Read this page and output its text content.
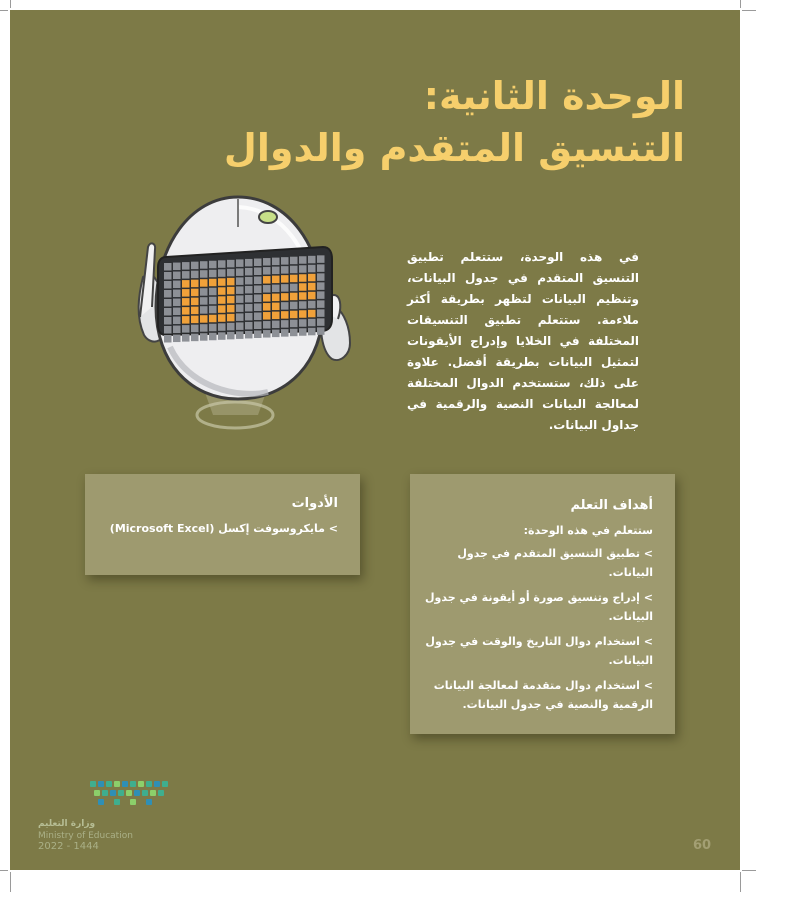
الوحدة الثانية:
التنسيق المتقدم والدوال

في هذه الوحدة، ستتعلم تطبيق التنسيق المتقدم في جدول البيانات، وتنظيم البيانات لتظهر بطريقة أكثر ملاءمة. ستتعلم تطبيق التنسيقات المختلفة في الخلايا وإدراج الأيقونات لتمثيل البيانات بطريقة أفضل. علاوة على ذلك، ستستخدم الدوال المختلفة لمعالجة البيانات النصية والرقمية في جداول البيانات.

الأدوات
> مايكروسوفت إكسل (Microsoft Excel)
أهداف التعلم
ستتعلم في هذه الوحدة:
> تطبيق التنسيق المتقدم في جدول البيانات.
> إدراج وتنسيق صورة أو أيقونة في جدول البيانات.
> استخدام دوال التاريخ والوقت في جدول البيانات.
> استخدام دوال متقدمة لمعالجة البيانات الرقمية والنصية في جدول البيانات.
وزارة التعليم
Ministry of Education
2022 - 1444	60
